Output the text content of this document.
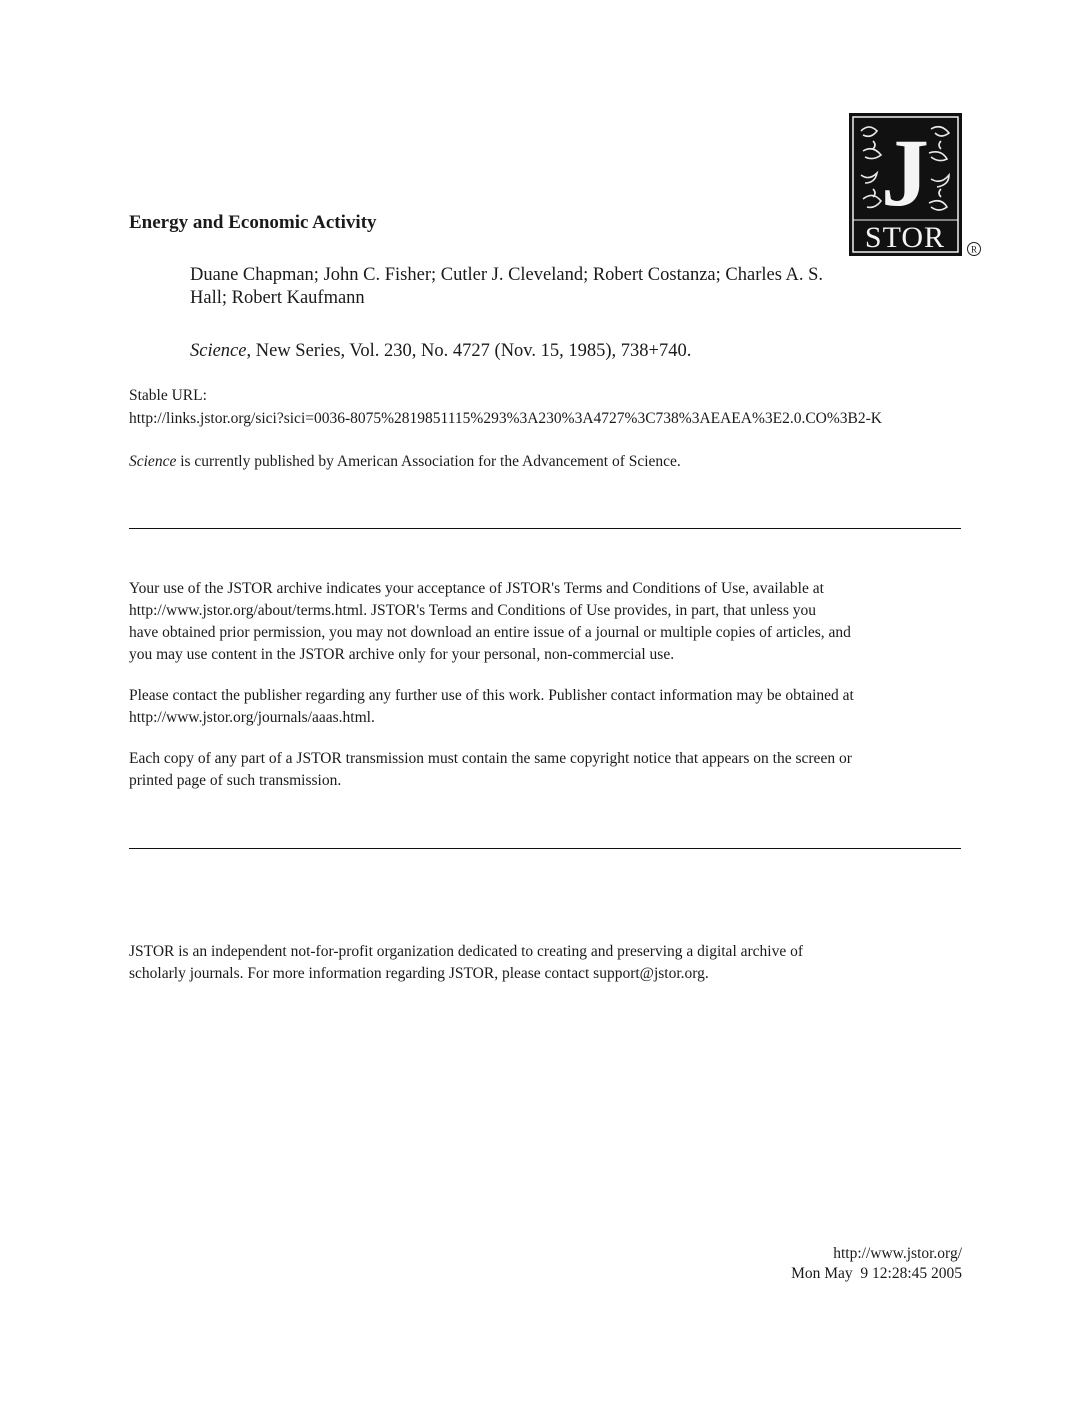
Energy and Economic Activity	J
STOR	R
Duane Chapman; John C. Fisher; Cutler J. Cleveland; Robert Costanza; Charles A. S.
Hall; Robert Kaufmann
Science, New Series, Vol. 230, No. 4727 (Nov. 15, 1985), 738+740.
Stable URL:
http://links.jstor.org/sici?sici=0036-8075%2819851115%293%3A230%3A4727%3C738%3AEAEA%3E2.0.CO%3B2-K
Science is currently published by American Association for the Advancement of Science.
Your use of the JSTOR archive indicates your acceptance of JSTOR's Terms and Conditions of Use, available at
http://www.jstor.org/about/terms.html. JSTOR's Terms and Conditions of Use provides, in part, that unless you
have obtained prior permission, you may not download an entire issue of a journal or multiple copies of articles, and
you may use content in the JSTOR archive only for your personal, non-commercial use.
Please contact the publisher regarding any further use of this work. Publisher contact information may be obtained at
http://www.jstor.org/journals/aaas.html.
Each copy of any part of a JSTOR transmission must contain the same copyright notice that appears on the screen or
printed page of such transmission.
JSTOR is an independent not-for-profit organization dedicated to creating and preserving a digital archive of
scholarly journals. For more information regarding JSTOR, please contact support@jstor.org.
http://www.jstor.org/
Mon May  9 12:28:45 2005
